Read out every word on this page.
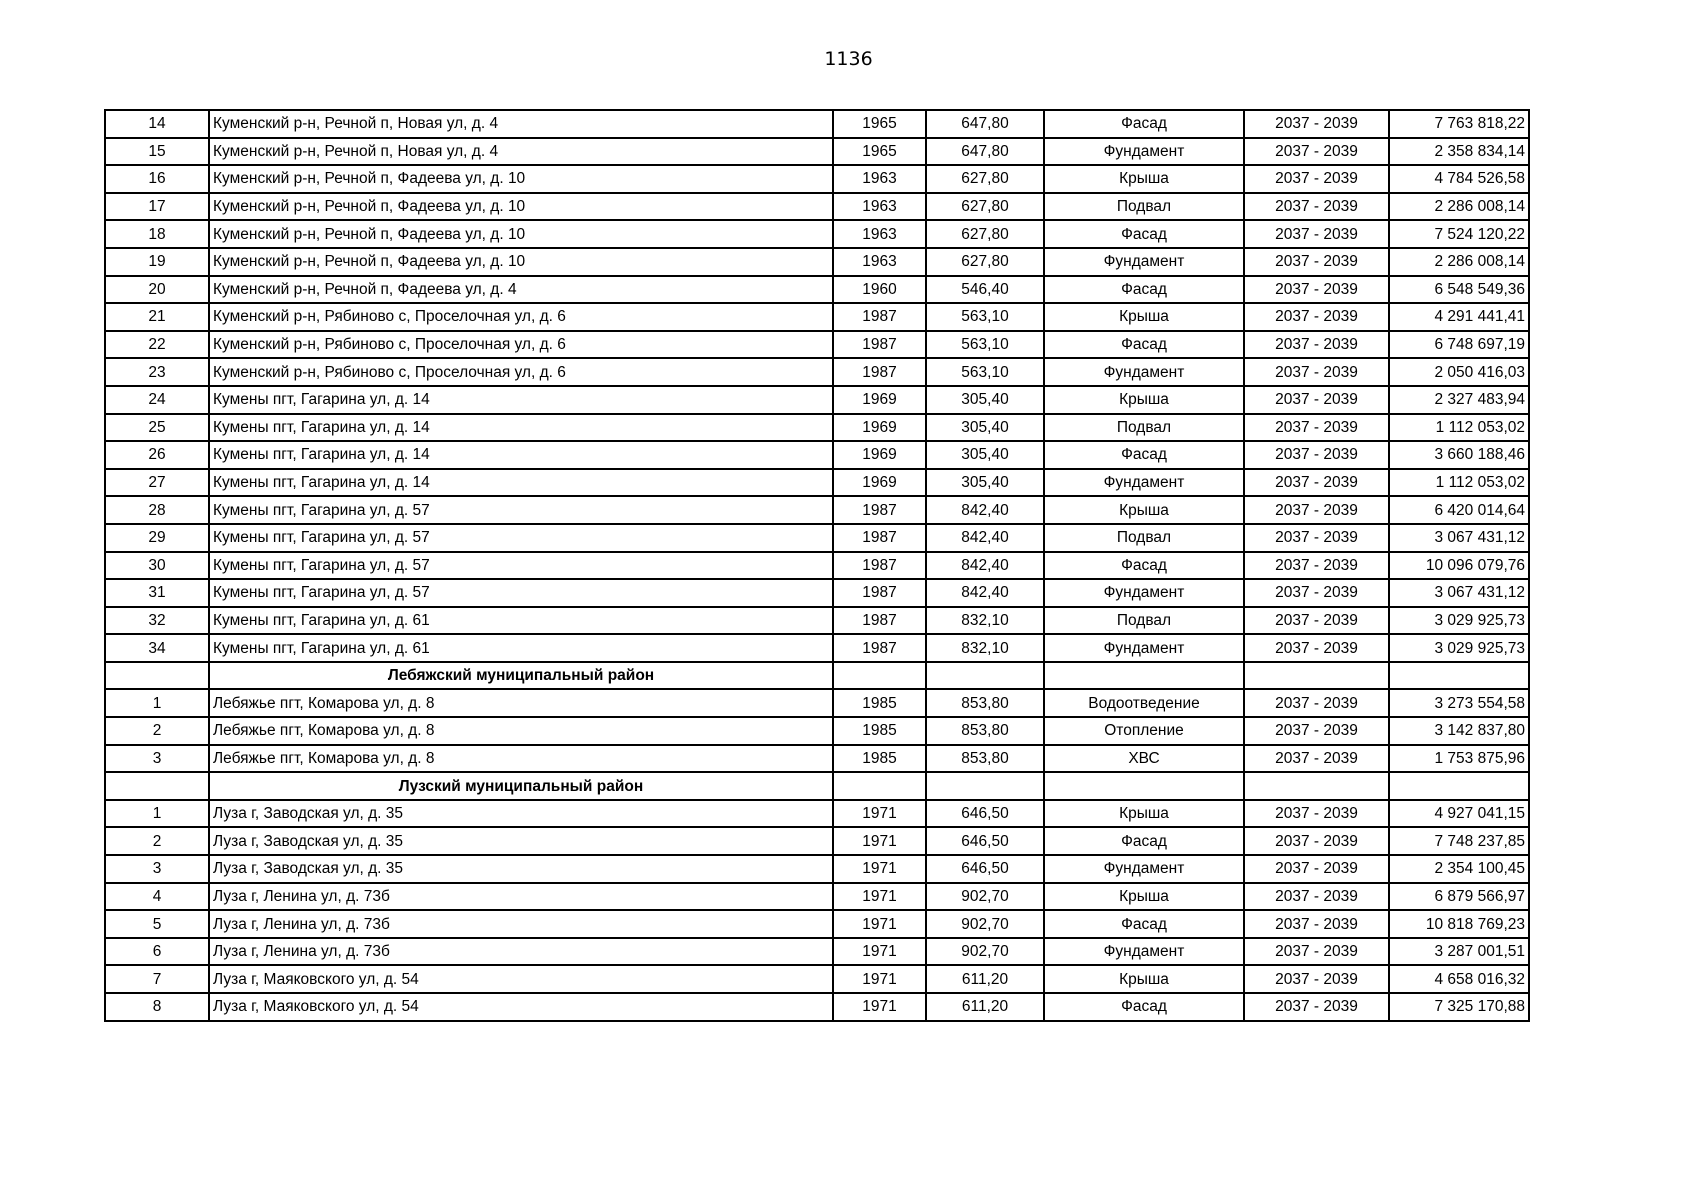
1136
14	Куменский р-н, Речной п, Новая ул, д. 4	1965	647,80	Фасад	2037 - 2039	7 763 818,22
15	Куменский р-н, Речной п, Новая ул, д. 4	1965	647,80	Фундамент	2037 - 2039	2 358 834,14
16	Куменский р-н, Речной п, Фадеева ул, д. 10	1963	627,80	Крыша	2037 - 2039	4 784 526,58
17	Куменский р-н, Речной п, Фадеева ул, д. 10	1963	627,80	Подвал	2037 - 2039	2 286 008,14
18	Куменский р-н, Речной п, Фадеева ул, д. 10	1963	627,80	Фасад	2037 - 2039	7 524 120,22
19	Куменский р-н, Речной п, Фадеева ул, д. 10	1963	627,80	Фундамент	2037 - 2039	2 286 008,14
20	Куменский р-н, Речной п, Фадеева ул, д. 4	1960	546,40	Фасад	2037 - 2039	6 548 549,36
21	Куменский р-н, Рябиново с, Проселочная ул, д. 6	1987	563,10	Крыша	2037 - 2039	4 291 441,41
22	Куменский р-н, Рябиново с, Проселочная ул, д. 6	1987	563,10	Фасад	2037 - 2039	6 748 697,19
23	Куменский р-н, Рябиново с, Проселочная ул, д. 6	1987	563,10	Фундамент	2037 - 2039	2 050 416,03
24	Кумены пгт, Гагарина ул, д. 14	1969	305,40	Крыша	2037 - 2039	2 327 483,94
25	Кумены пгт, Гагарина ул, д. 14	1969	305,40	Подвал	2037 - 2039	1 112 053,02
26	Кумены пгт, Гагарина ул, д. 14	1969	305,40	Фасад	2037 - 2039	3 660 188,46
27	Кумены пгт, Гагарина ул, д. 14	1969	305,40	Фундамент	2037 - 2039	1 112 053,02
28	Кумены пгт, Гагарина ул, д. 57	1987	842,40	Крыша	2037 - 2039	6 420 014,64
29	Кумены пгт, Гагарина ул, д. 57	1987	842,40	Подвал	2037 - 2039	3 067 431,12
30	Кумены пгт, Гагарина ул, д. 57	1987	842,40	Фасад	2037 - 2039	10 096 079,76
31	Кумены пгт, Гагарина ул, д. 57	1987	842,40	Фундамент	2037 - 2039	3 067 431,12
32	Кумены пгт, Гагарина ул, д. 61	1987	832,10	Подвал	2037 - 2039	3 029 925,73
34	Кумены пгт, Гагарина ул, д. 61	1987	832,10	Фундамент	2037 - 2039	3 029 925,73
	Лебяжский муниципальный район					
1	Лебяжье пгт, Комарова ул, д. 8	1985	853,80	Водоотведение	2037 - 2039	3 273 554,58
2	Лебяжье пгт, Комарова ул, д. 8	1985	853,80	Отопление	2037 - 2039	3 142 837,80
3	Лебяжье пгт, Комарова ул, д. 8	1985	853,80	ХВС	2037 - 2039	1 753 875,96
	Лузский муниципальный район					
1	Луза г, Заводская ул, д. 35	1971	646,50	Крыша	2037 - 2039	4 927 041,15
2	Луза г, Заводская ул, д. 35	1971	646,50	Фасад	2037 - 2039	7 748 237,85
3	Луза г, Заводская ул, д. 35	1971	646,50	Фундамент	2037 - 2039	2 354 100,45
4	Луза г, Ленина ул, д. 73б	1971	902,70	Крыша	2037 - 2039	6 879 566,97
5	Луза г, Ленина ул, д. 73б	1971	902,70	Фасад	2037 - 2039	10 818 769,23
6	Луза г, Ленина ул, д. 73б	1971	902,70	Фундамент	2037 - 2039	3 287 001,51
7	Луза г, Маяковского ул, д. 54	1971	611,20	Крыша	2037 - 2039	4 658 016,32
8	Луза г, Маяковского ул, д. 54	1971	611,20	Фасад	2037 - 2039	7 325 170,88
